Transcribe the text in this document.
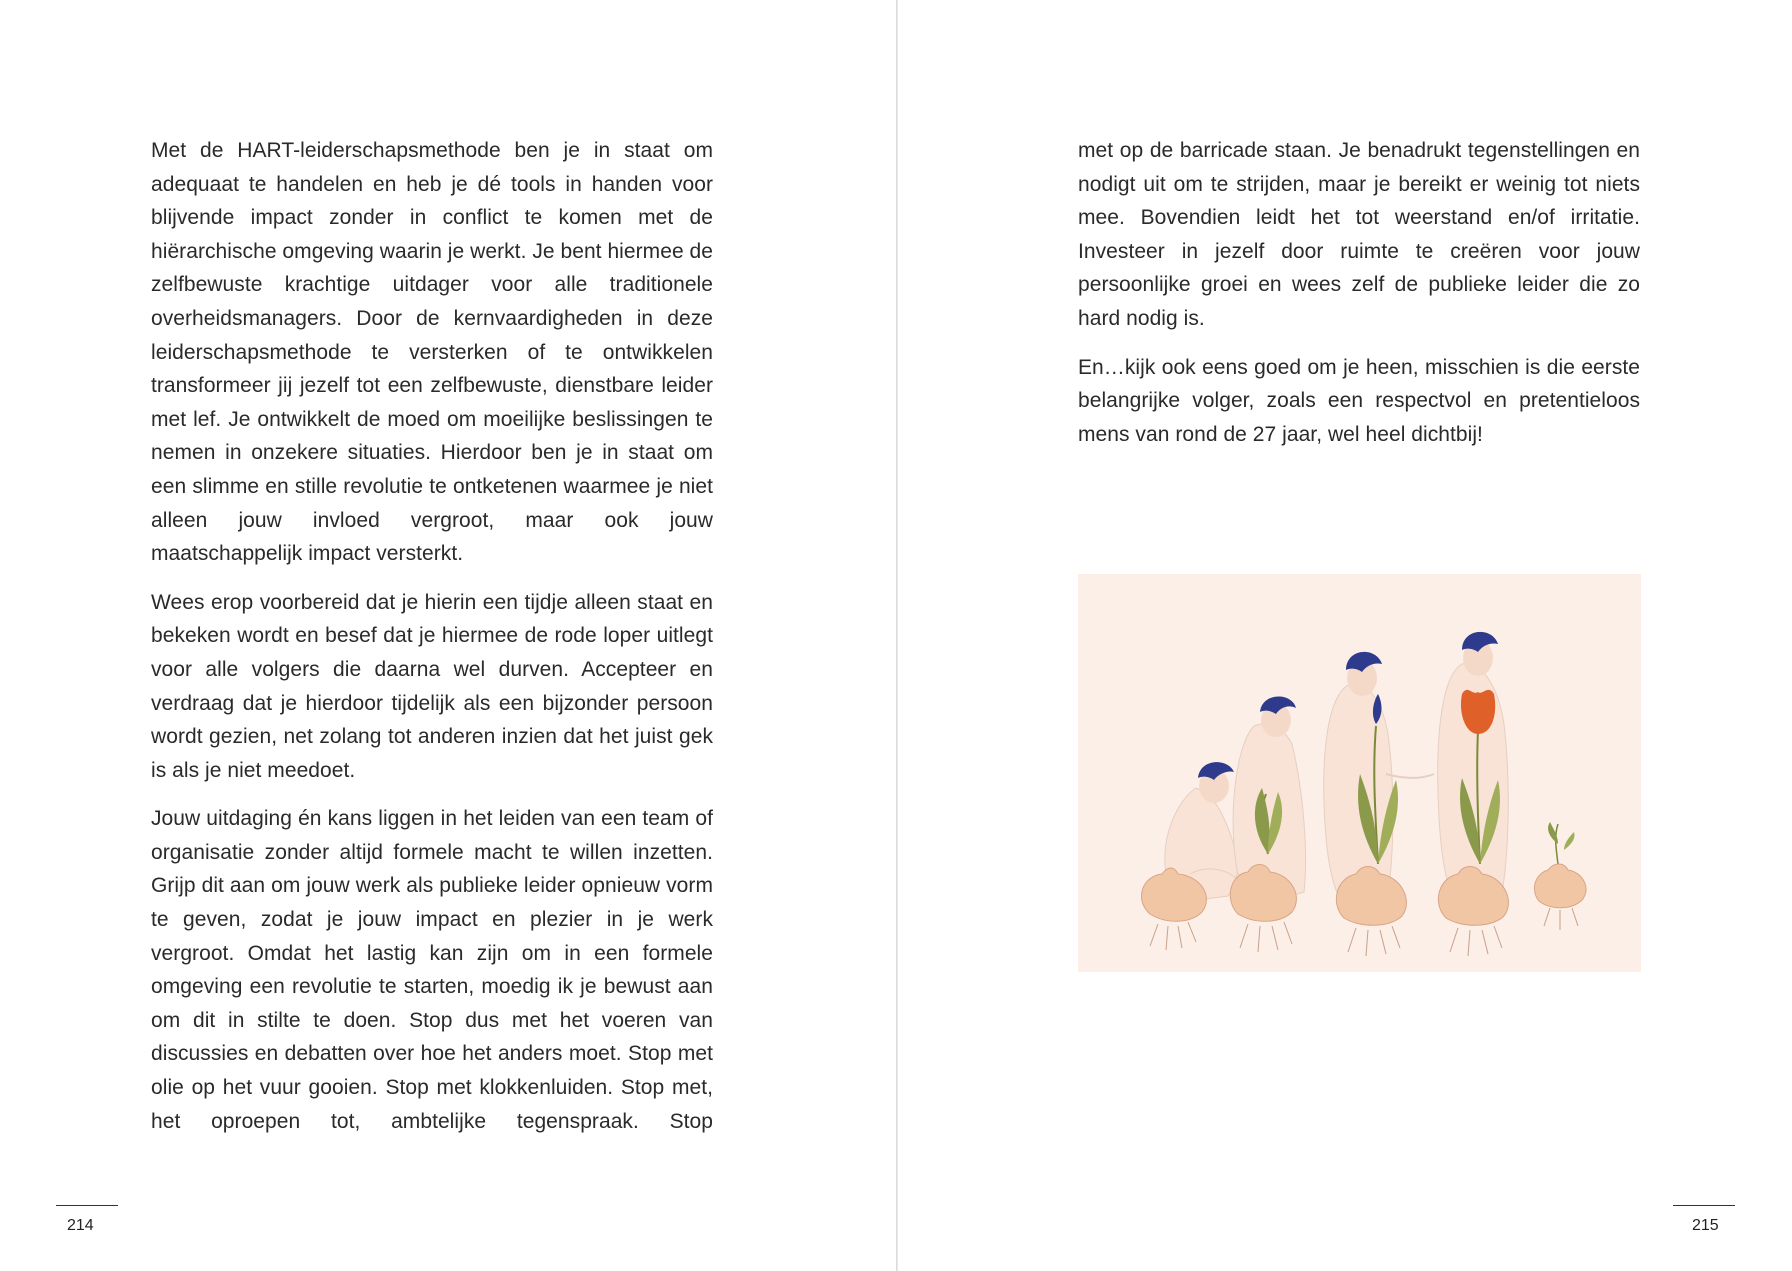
Met de HART-leiderschapsmethode ben je in staat om adequaat te handelen en heb je dé tools in handen voor blijvende impact zonder in conflict te komen met de hiërarchische omgeving waarin je werkt. Je bent hiermee de zelfbewuste krachtige uitdager voor alle traditionele overheidsmanagers. Door de kernvaardigheden in deze leiderschapsmethode te versterken of te ontwikkelen transformeer jij jezelf tot een zelfbewuste, dienstbare leider met lef. Je ontwikkelt de moed om moeilijke beslissingen te nemen in onzekere situaties. Hierdoor ben je in staat om een slimme en stille revolutie te ontketenen waarmee je niet alleen jouw invloed vergroot, maar ook jouw maatschappelijk impact versterkt.

Wees erop voorbereid dat je hierin een tijdje alleen staat en bekeken wordt en besef dat je hiermee de rode loper uitlegt voor alle volgers die daarna wel durven. Accepteer en verdraag dat je hierdoor tijdelijk als een bijzonder persoon wordt gezien, net zolang tot anderen inzien dat het juist gek is als je niet meedoet.

Jouw uitdaging én kans liggen in het leiden van een team of organisatie zonder altijd formele macht te willen inzetten. Grijp dit aan om jouw werk als publieke leider opnieuw vorm te geven, zodat je jouw impact en plezier in je werk vergroot. Omdat het lastig kan zijn om in een formele omgeving een revolutie te starten, moedig ik je bewust aan om dit in stilte te doen. Stop dus met het voeren van discussies en debatten over hoe het anders moet. Stop met olie op het vuur gooien. Stop met klokkenluiden. Stop met, het oproepen tot, ambtelijke tegenspraak. Stop

214

met op de barricade staan. Je benadrukt tegenstellingen en nodigt uit om te strijden, maar je bereikt er weinig tot niets mee. Bovendien leidt het tot weerstand en/of irritatie. Investeer in jezelf door ruimte te creëren voor jouw persoonlijke groei en wees zelf de publieke leider die zo hard nodig is.

En…kijk ook eens goed om je heen, misschien is die eerste belangrijke volger, zoals een respectvol en pretentieloos mens van rond de 27 jaar, wel heel dichtbij!

215
